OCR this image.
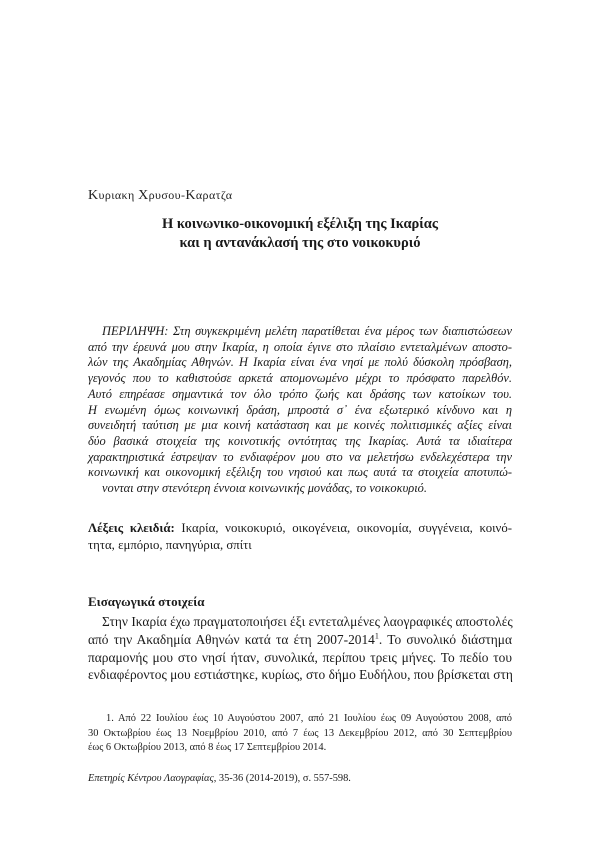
Κυριακη Χρυσου-Καρατζα
Η κοινωνικο-οικονομική εξέλιξη της Ικαρίας
και η αντανάκλασή της στο νοικοκυριό
ΠΕΡΙΛΗΨΗ: Στη συγκεκριμένη μελέτη παρατίθεται ένα μέρος των διαπιστώσεων
από την έρευνά μου στην Ικαρία, η οποία έγινε στο πλαίσιο εντεταλμένων αποστο-
λών της Ακαδημίας Αθηνών. Η Ικαρία είναι ένα νησί με πολύ δύσκολη πρόσβαση,
γεγονός που το καθιστούσε αρκετά απομονωμένο μέχρι το πρόσφατο παρελθόν.
Αυτό επηρέασε σημαντικά τον όλο τρόπο ζωής και δράσης των κατοίκων του.
Η ενωμένη όμως κοινωνική δράση, μπροστά σ᾽ ένα εξωτερικό κίνδυνο και η
συνειδητή ταύτιση με μια κοινή κατάσταση και με κοινές πολιτισμικές αξίες είναι
δύο βασικά στοιχεία της κοινοτικής οντότητας της Ικαρίας. Αυτά τα ιδιαίτερα
χαρακτηριστικά έστρεψαν το ενδιαφέρον μου στο να μελετήσω ενδελεχέστερα την
κοινωνική και οικονομική εξέλιξη του νησιού και πως αυτά τα στοιχεία αποτυπώ-
νονται στην στενότερη έννοια κοινωνικής μονάδας, το νοικοκυριό.
Λέξεις κλειδιά: Ικαρία, νοικοκυριό, οικογένεια, οικονομία, συγγένεια, κοινό-
τητα, εμπόριο, πανηγύρια, σπίτι
Εισαγωγικά στοιχεία
Στην Ικαρία έχω πραγματοποιήσει έξι εντεταλμένες λαογραφικές αποστολές
από την Ακαδημία Αθηνών κατά τα έτη 2007-2014$^1$. Το συνολικό διάστημα
παραμονής μου στο νησί ήταν, συνολικά, περίπου τρεις μήνες. Το πεδίο του
ενδιαφέροντος μου εστιάστηκε, κυρίως, στο δήμο Ευδήλου, που βρίσκεται στη
1. Από 22 Ιουλίου έως 10 Αυγούστου 2007, από 21 Ιουλίου έως 09 Αυγούστου 2008, από
30 Οκτωβρίου έως 13 Νοεμβρίου 2010, από 7 έως 13 Δεκεμβρίου 2012, από 30 Σεπτεμβρίου
έως 6 Οκτωβρίου 2013, από 8 έως 17 Σεπτεμβρίου 2014.
Επετηρίς Κέντρου Λαογραφίας, 35-36 (2014-2019), σ. 557-598.
